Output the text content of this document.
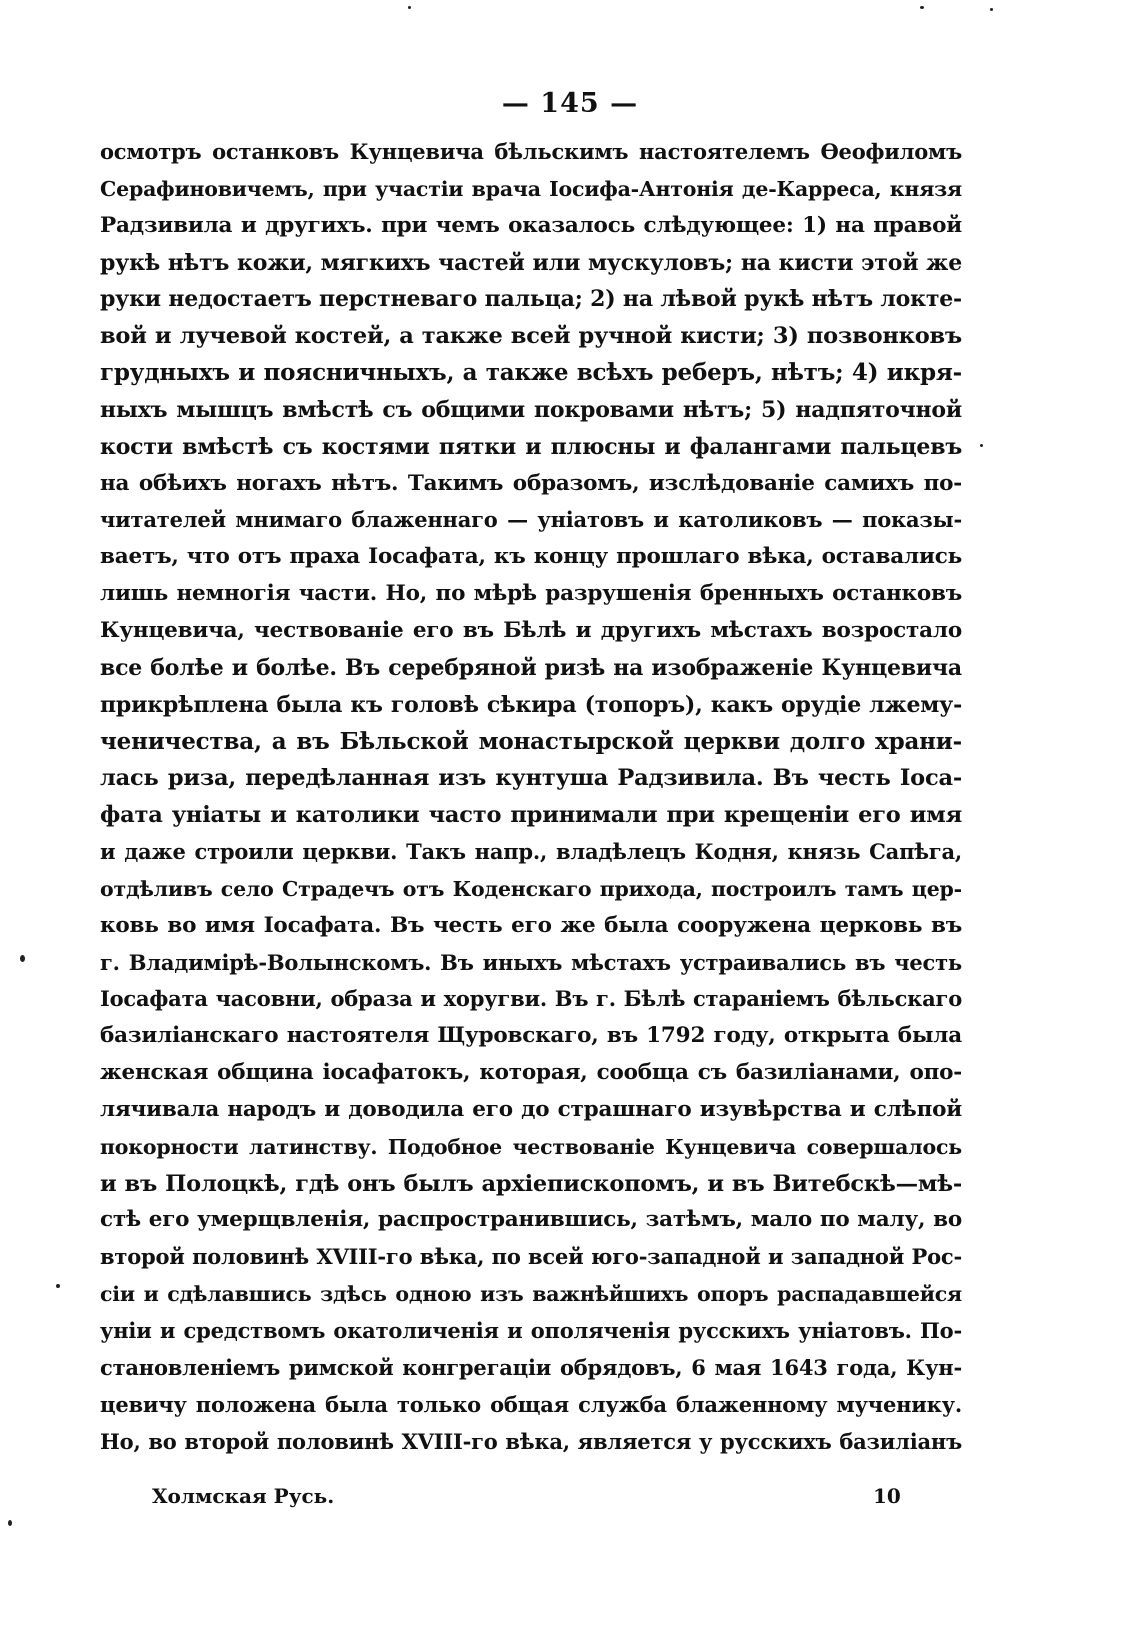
— 145 —
осмотръ останковъ Кунцевича бѣльскимъ настоятелемъ Ѳеофиломъ
Серафиновичемъ, при участіи врача Іосифа-Антонія де-Карреса, князя
Радзивила и другихъ. при чемъ оказалось слѣдующее: 1) на правой
рукѣ нѣтъ кожи, мягкихъ частей или мускуловъ; на кисти этой же
руки недостаетъ перстневаго пальца; 2) на лѣвой рукѣ нѣтъ локте-
вой и лучевой костей, а также всей ручной кисти; 3) позвонковъ
грудныхъ и поясничныхъ, а также всѣхъ реберъ, нѣтъ; 4) икря-
ныхъ мышцъ вмѣстѣ съ общими покровами нѣтъ; 5) надпяточной
кости вмѣстѣ съ костями пятки и плюсны и фалангами пальцевъ
на обѣихъ ногахъ нѣтъ. Такимъ образомъ, изслѣдованіе самихъ по-
читателей мнимаго блаженнаго — уніатовъ и католиковъ — показы-
ваетъ, что отъ праха Іосафата, къ концу прошлаго вѣка, оставались
лишь немногія части. Но, по мѣрѣ разрушенія бренныхъ останковъ
Кунцевича, чествованіе его въ Бѣлѣ и другихъ мѣстахъ возростало
все болѣе и болѣе. Въ серебряной ризѣ на изображеніе Кунцевича
прикрѣплена была къ головѣ сѣкира (топоръ), какъ орудіе лжему-
ченичества, а въ Бѣльской монастырской церкви долго храни-
лась риза, передѣланная изъ кунтуша Радзивила. Въ честь Іоса-
фата уніаты и католики часто принимали при крещеніи его имя
и даже строили церкви. Такъ напр., владѣлецъ Кодня, князь Сапѣга,
отдѣливъ село Страдечъ отъ Коденскаго прихода, построилъ тамъ цер-
ковь во имя Іосафата. Въ честь его же была сооружена церковь въ
г. Владимірѣ-Волынскомъ. Въ иныхъ мѣстахъ устраивались въ честь
Іосафата часовни, образа и хоругви. Въ г. Бѣлѣ стараніемъ бѣльскаго
базиліанскаго настоятеля Щуровскаго, въ 1792 году, открыта была
женская община іосафатокъ, которая, сообща съ базиліанами, опо-
лячивала народъ и доводила его до страшнаго изувѣрства и слѣпой
покорности латинству. Подобное чествованіе Кунцевича совершалось
и въ Полоцкѣ, гдѣ онъ былъ архіепископомъ, и въ Витебскѣ—мѣ-
стѣ его умерщвленія, распространившись, затѣмъ, мало по малу, во
второй половинѣ XVIII-го вѣка, по всей юго-западной и западной Рос-
сіи и сдѣлавшись здѣсь одною изъ важнѣйшихъ опоръ распадавшейся
уніи и средствомъ окатоличенія и ополяченія русскихъ уніатовъ. По-
становленіемъ римской конгрегаціи обрядовъ, 6 мая 1643 года, Кун-
цевичу положена была только общая служба блаженному мученику.
Но, во второй половинѣ XVIII-го вѣка, является у русскихъ базиліанъ
Холмская Русь.	10
